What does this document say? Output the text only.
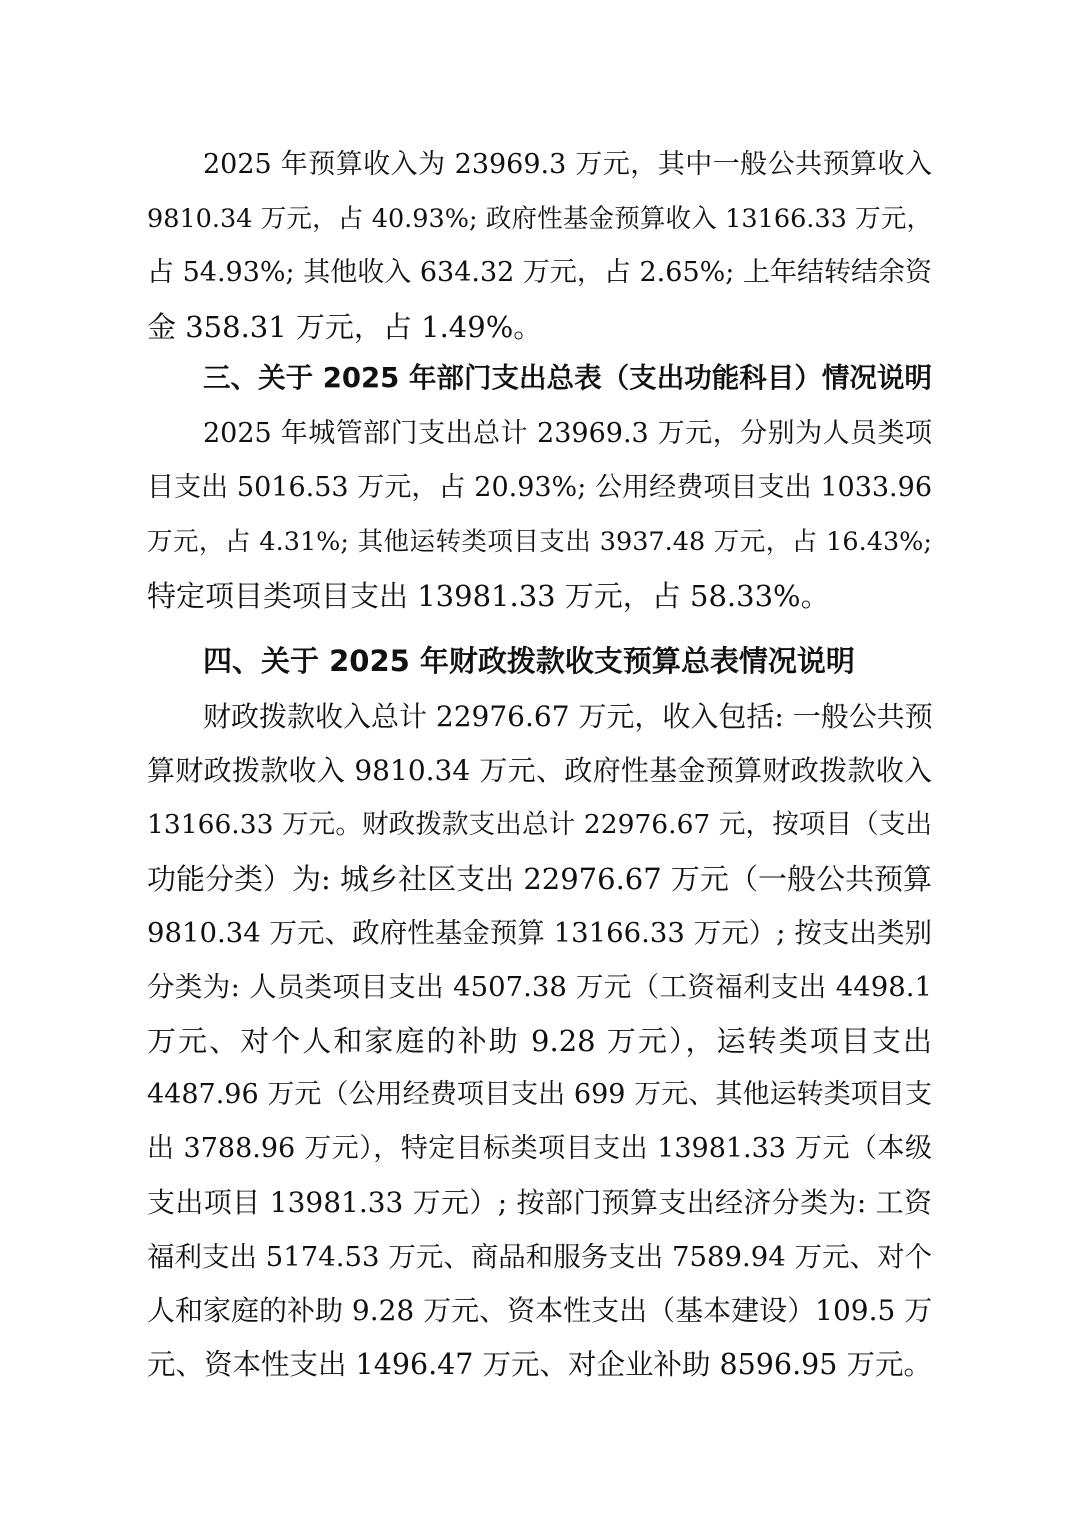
2025 年预算收入为 23969.3 万元，其中一般公共预算收入
9810.34 万元，占 40.93%; 政府性基金预算收入 13166.33 万元，
占 54.93%; 其他收入 634.32 万元，占 2.65%; 上年结转结余资
金 358.31 万元，占 1.49%。
三、关于 2025 年部门支出总表（支出功能科目）情况说明
2025 年城管部门支出总计 23969.3 万元，分别为人员类项
目支出 5016.53 万元，占 20.93%; 公用经费项目支出 1033.96
万元，占 4.31%; 其他运转类项目支出 3937.48 万元，占 16.43%;
特定项目类项目支出 13981.33 万元，占 58.33%。
四、关于 2025 年财政拨款收支预算总表情况说明
财政拨款收入总计 22976.67 万元，收入包括: 一般公共预
算财政拨款收入 9810.34 万元、政府性基金预算财政拨款收入
13166.33 万元。财政拨款支出总计 22976.67 元，按项目（支出
功能分类）为: 城乡社区支出 22976.67 万元（一般公共预算
9810.34 万元、政府性基金预算 13166.33 万元）; 按支出类别
分类为: 人员类项目支出 4507.38 万元（工资福利支出 4498.1
万元、对个人和家庭的补助 9.28 万元），运转类项目支出
4487.96 万元（公用经费项目支出 699 万元、其他运转类项目支
出 3788.96 万元），特定目标类项目支出 13981.33 万元（本级
支出项目 13981.33 万元）; 按部门预算支出经济分类为: 工资
福利支出 5174.53 万元、商品和服务支出 7589.94 万元、对个
人和家庭的补助 9.28 万元、资本性支出（基本建设）109.5 万
元、资本性支出 1496.47 万元、对企业补助 8596.95 万元。
